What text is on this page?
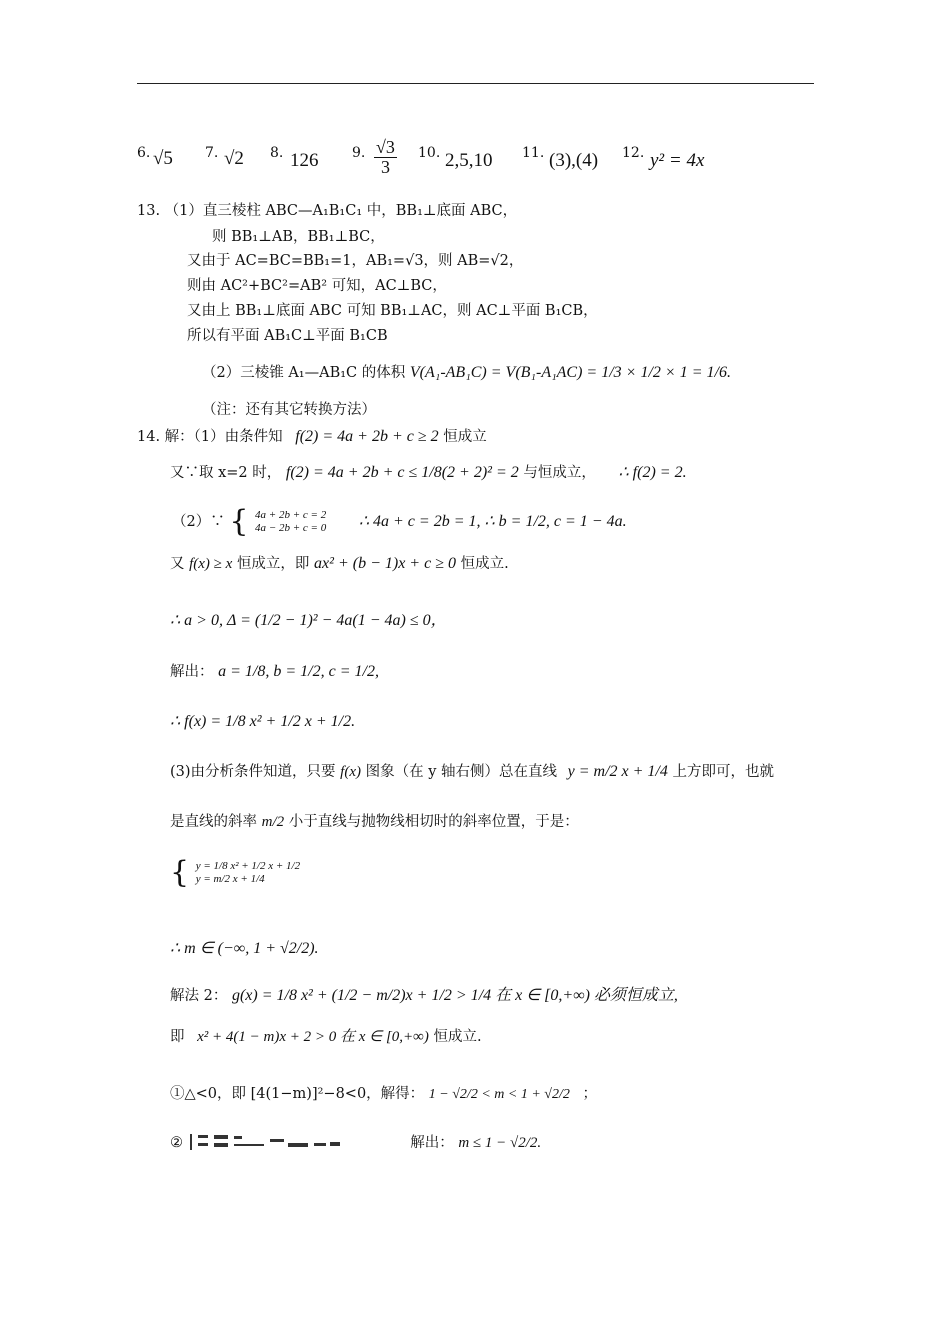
6. √5 7. √2 8. 126 9. $\frac{√3}{3} 10$. 2,5,10 11. (3),(4) 12. y² = 4x
13. （1）直三棱柱 ABC—A₁B₁C₁ 中，BB₁⊥底面 ABC，
则 BB₁⊥AB，BB₁⊥BC，
又由于 AC=BC=BB₁=1，AB₁=√3，则 AB=√2，
则由 AC²+BC²=AB² 可知，AC⊥BC，
又由上 BB₁⊥底面 ABC 可知 BB₁⊥AC，则 AC⊥平面 B₁CB，
所以有平面 AB₁C⊥平面 B₁CB
（2）三棱锥 A₁—AB₁C 的体积 V(A₁-AB₁C) = V(B₁-A₁AC) = 1/3 × 1/2 × 1 = 1/6.
（注：还有其它转换方法）
14. 解：（1）由条件知 f(2) = 4a + 2b + c ≥ 2 恒成立
又∵取 x=2 时， f(2) = 4a + 2b + c ≤ 1/8(2 + 2)² = 2 与恒成立， ∴ f(2) = 2.
（2）∵ { 4a + 2b + c = 2
4a − 2b + c = 0 ∴ 4a + c = 2b = 1, ∴ b = 1/2, c = 1 − 4a.
又 f(x) ≥ x 恒成立，即 ax² + (b − 1)x + c ≥ 0 恒成立.
∴ a > 0, Δ = (1/2 − 1)² − 4a(1 − 4a) ≤ 0，
解出： a = 1/8, b = 1/2, c = 1/2,
∴ f(x) = 1/8 x² + 1/2 x + 1/2.
(3)由分析条件知道，只要 f(x) 图象（在 y 轴右侧）总在直线 y = m/2 x + 1/4 上方即可，也就
是直线的斜率 m/2 小于直线与抛物线相切时的斜率位置，于是：
{ y = 1/8 x² + 1/2 x + 1/2
y = m/2 x + 1/4
∴ m ∈ (−∞, 1 + √2/2).
解法 2： g(x) = 1/8 x² + (1/2 − m/2)x + 1/2 > 1/4 在 x ∈ [0,+∞) 必须恒成立,
即 x² + 4(1 − m)x + 2 > 0 在 x ∈ [0,+∞) 恒成立.
①△<0，即 [4(1−m)]²−8<0，解得： 1 − √2/2 < m < 1 + √2/2 ；
②	解出： m ≤ 1 − √2/2.
